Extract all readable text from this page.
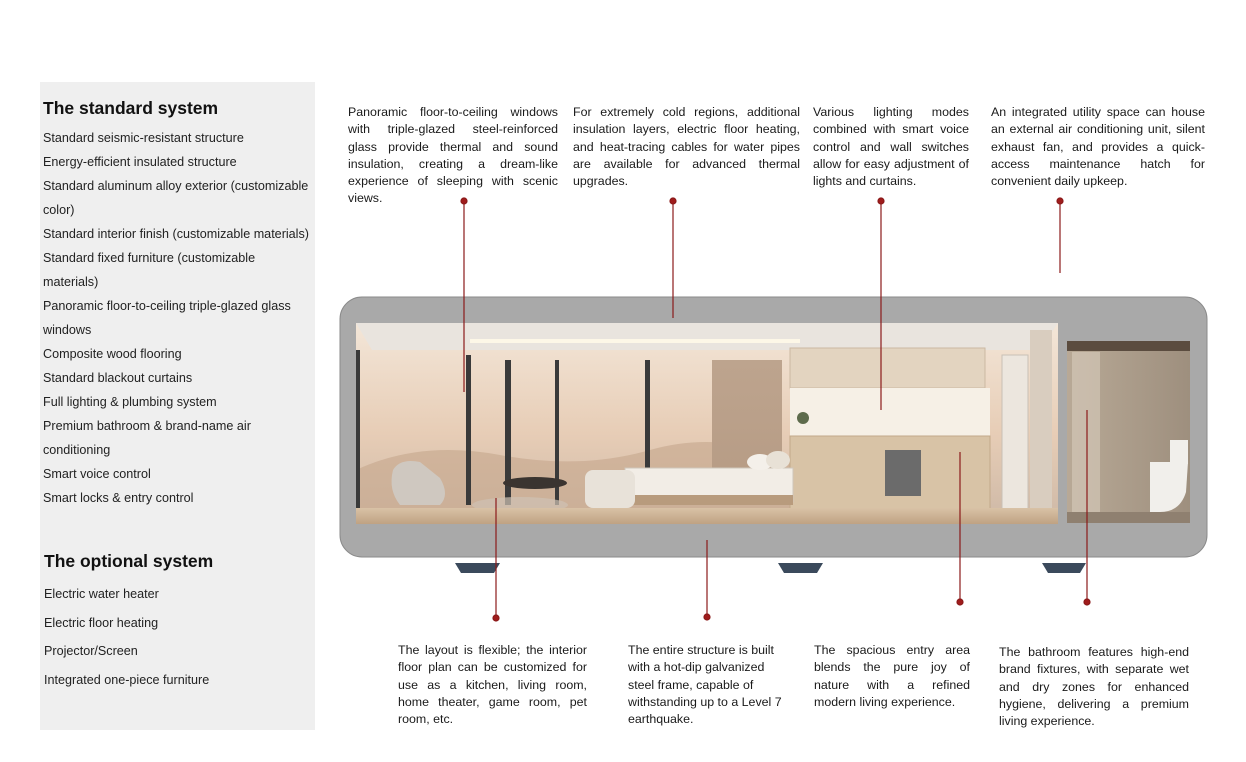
The standard system
Standard seismic-resistant structure
Energy-efficient insulated structure
Standard aluminum alloy exterior (customizable color)
Standard interior finish (customizable materials)
Standard fixed furniture (customizable materials)
Panoramic floor-to-ceiling triple-glazed glass windows
Composite wood flooring
Standard blackout curtains
Full lighting & plumbing system
Premium bathroom & brand-name air conditioning
Smart voice control
Smart locks & entry control
The optional system
Electric water heater
Electric floor heating
Projector/Screen
Integrated one-piece furniture
Panoramic floor-to-ceiling windows with triple-glazed steel-reinforced glass provide thermal and sound insulation, creating a dream-like experience of sleeping with scenic views.
For extremely cold regions, additional insulation layers, electric floor heating, and heat-tracing cables for water pipes are available for advanced thermal upgrades.
Various lighting modes combined with smart voice control and wall switches allow for easy adjustment of lights and curtains.
An integrated utility space can house an external air conditioning unit, silent exhaust fan, and provides a quick-access maintenance hatch for convenient daily upkeep.
The layout is flexible; the interior floor plan can be customized for use as a kitchen, living room, home theater, game room, pet room, etc.
The entire structure is built with a hot-dip galvanized steel frame, capable of withstanding up to a Level 7 earthquake.
The spacious entry area blends the pure joy of nature with a refined modern living experience.
The bathroom features high-end brand fixtures, with separate wet and dry zones for enhanced hygiene, delivering a premium living experience.
